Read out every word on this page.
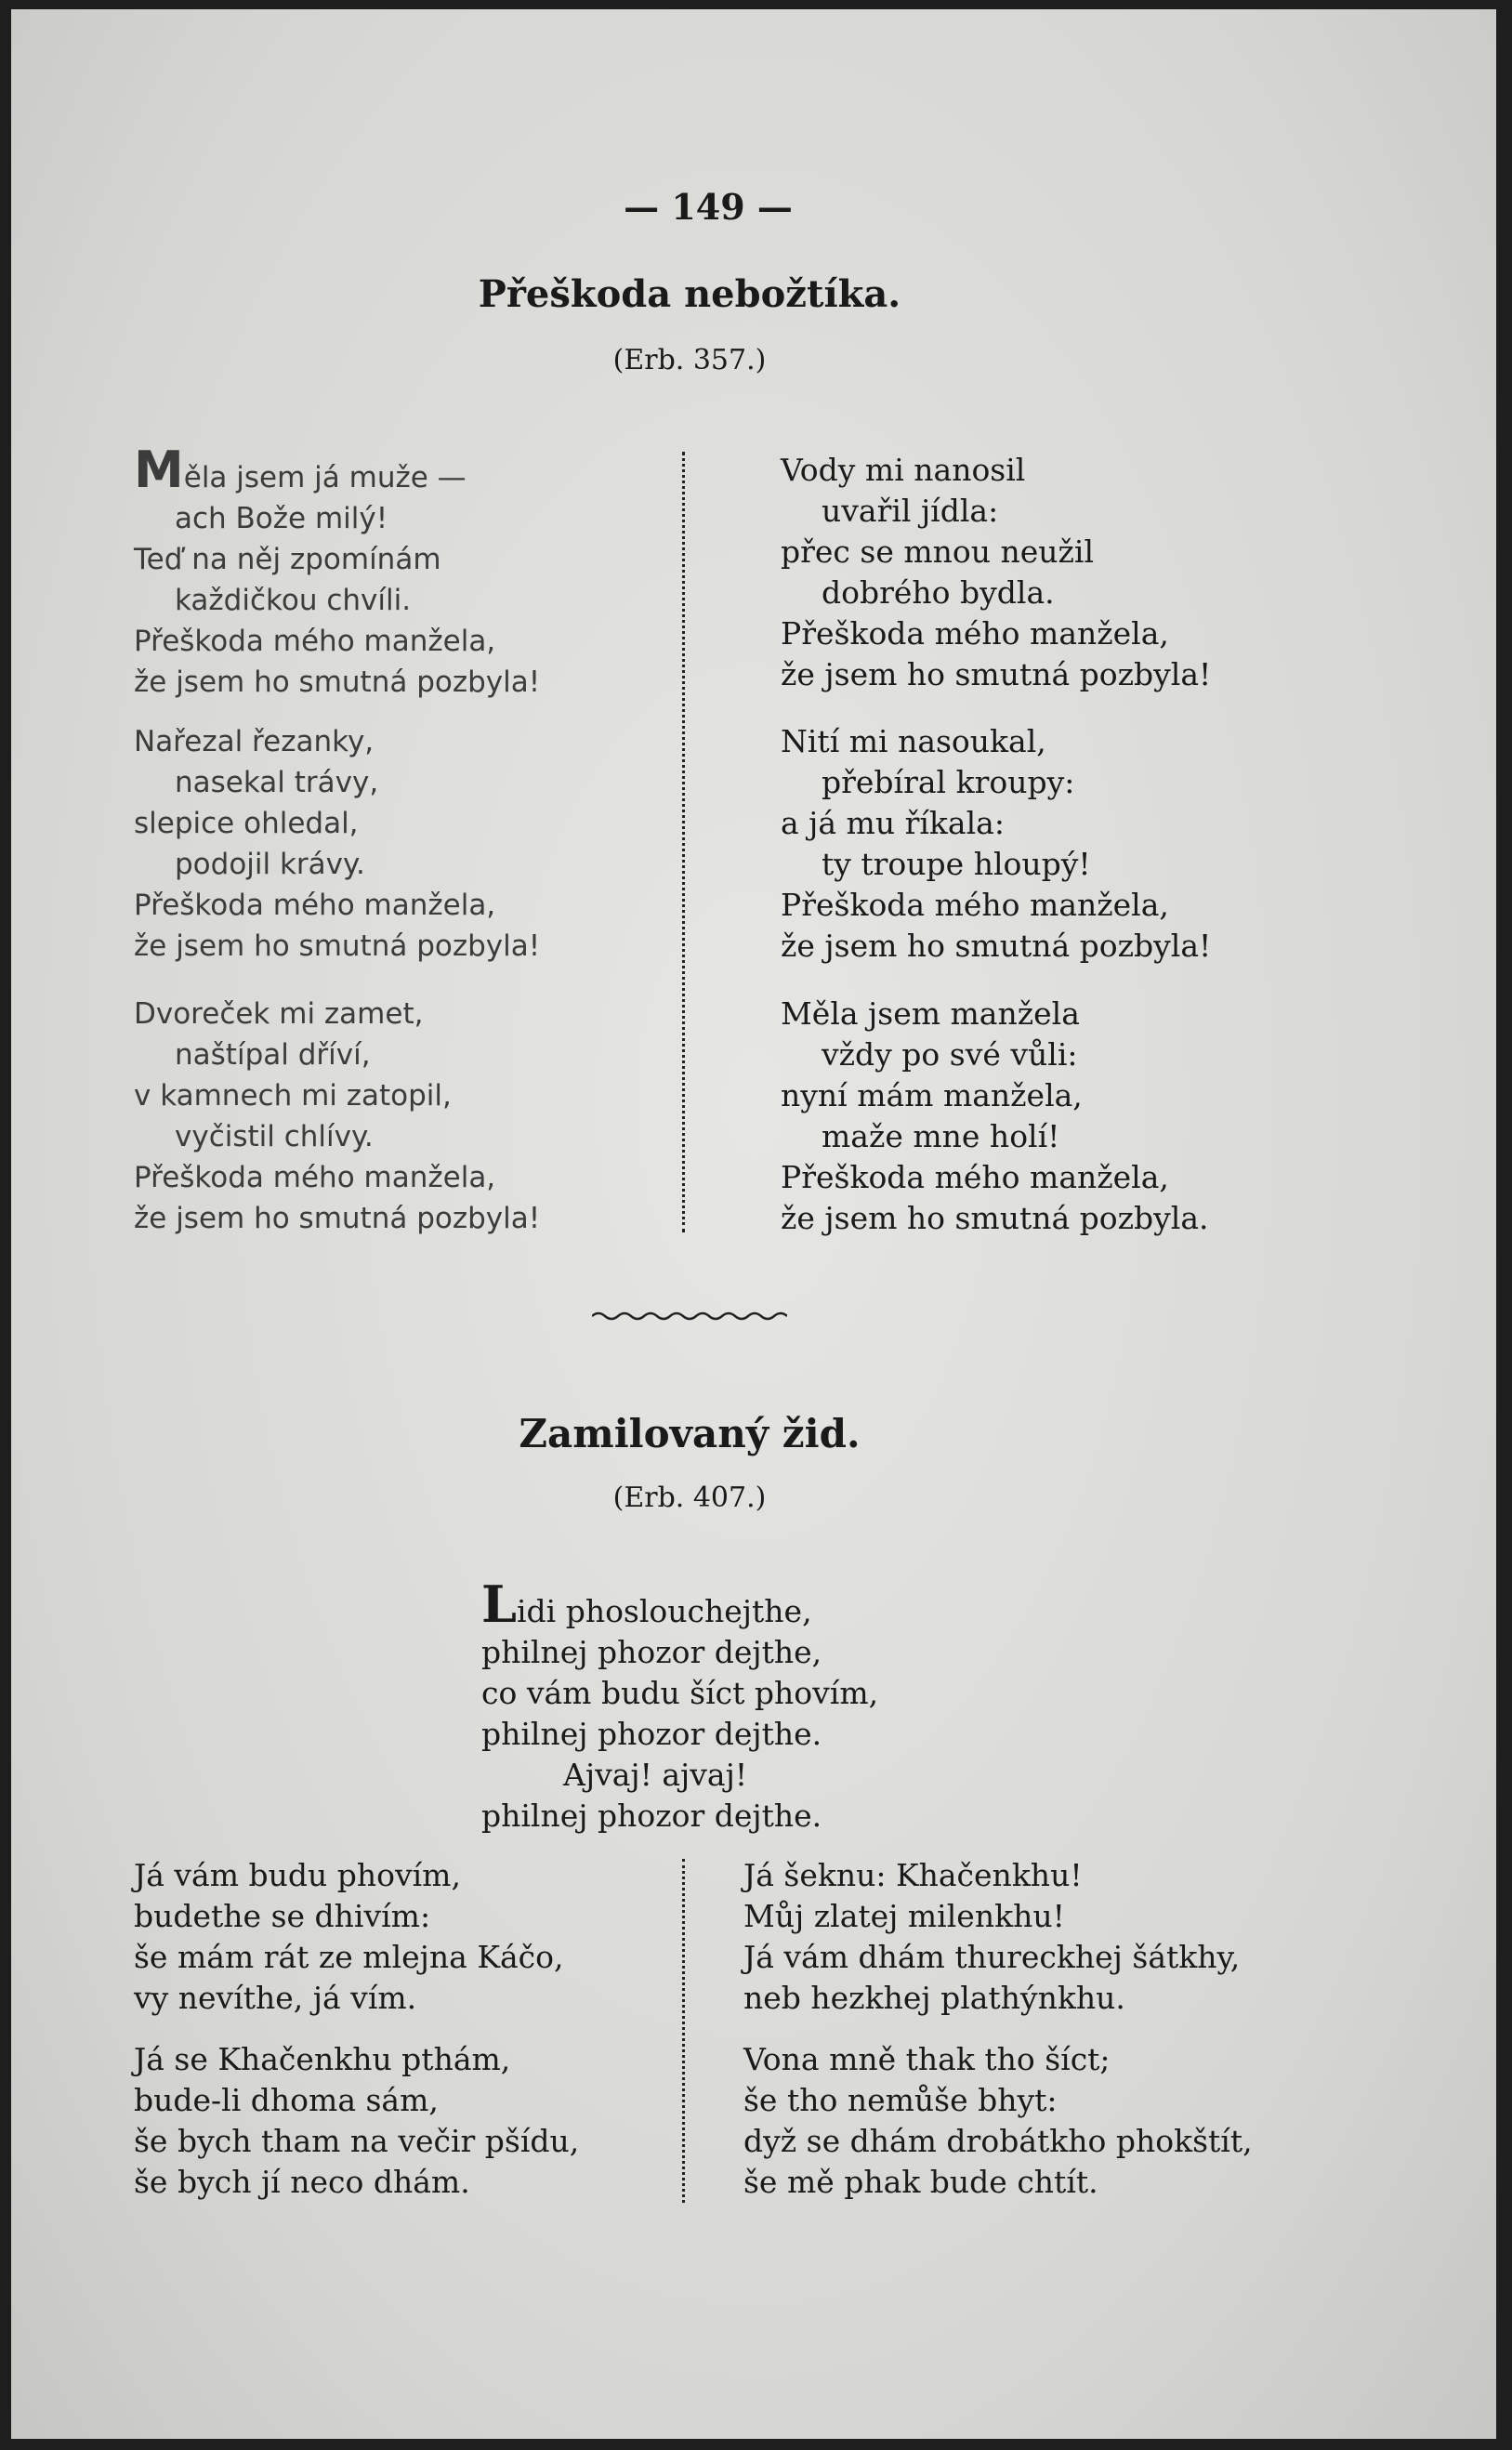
— 149 —
Přeškoda nebožtíka.
(Erb. 357.)
Měla jsem já muže —
ach Bože milý!
Teď na něj zpomínám
každičkou chvíli.
Přeškoda mého manžela,
že jsem ho smutná pozbyla!
Nařezal řezanky,
nasekal trávy,
slepice ohledal,
podojil krávy.
Přeškoda mého manžela,
že jsem ho smutná pozbyla!
Dvoreček mi zamet,
naštípal dříví,
v kamnech mi zatopil,
vyčistil chlívy.
Přeškoda mého manžela,
že jsem ho smutná pozbyla!
Vody mi nanosil
uvařil jídla:
přec se mnou neužil
dobrého bydla.
Přeškoda mého manžela,
že jsem ho smutná pozbyla!
Nití mi nasoukal,
přebíral kroupy:
a já mu říkala:
ty troupe hloupý!
Přeškoda mého manžela,
že jsem ho smutná pozbyla!
Měla jsem manžela
vždy po své vůli:
nyní mám manžela,
maže mne holí!
Přeškoda mého manžela,
že jsem ho smutná pozbyla.
Zamilovaný žid.
(Erb. 407.)
Lidi phoslouchejthe,
philnej phozor dejthe,
co vám budu šíct phovím,
philnej phozor dejthe.
Ajvaj! ajvaj!
philnej phozor dejthe.
Já vám budu phovím,
budethe se dhivím:
še mám rát ze mlejna Káčo,
vy nevíthe, já vím.
Já se Khačenkhu pthám,
bude-li dhoma sám,
še bych tham na večir pšídu,
še bych jí neco dhám.
Já šeknu: Khačenkhu!
Můj zlatej milenkhu!
Já vám dhám thureckhej šátkhy,
neb hezkhej plathýnkhu.
Vona mně thak tho šíct;
še tho nemůše bhyt:
dyž se dhám drobátkho phokštít,
še mě phak bude chtít.
